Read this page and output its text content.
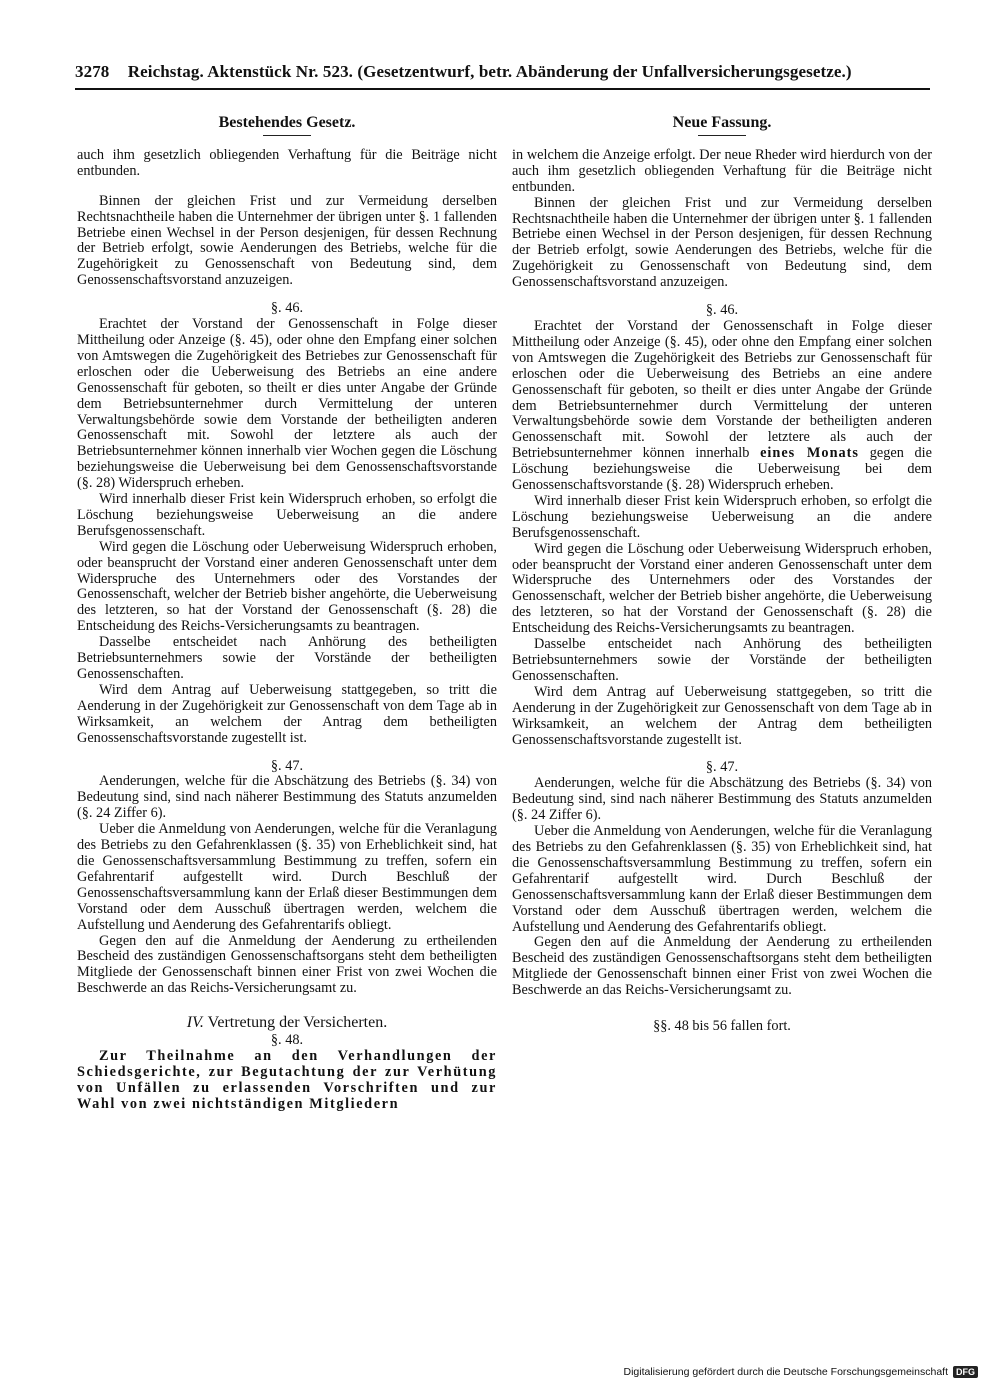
3278 Reichstag. Aktenstück Nr. 523. (Gesetzentwurf, betr. Abänderung der Unfallversicherungsgesetze.)
Bestehendes Gesetz.

auch ihm gesetzlich obliegenden Verhaftung für die Beiträge nicht entbunden.

Binnen der gleichen Frist und zur Vermeidung derselben Rechtsnachtheile haben die Unternehmer der übrigen unter §. 1 fallenden Betriebe einen Wechsel in der Person desjenigen, für dessen Rechnung der Betrieb erfolgt, sowie Aenderungen des Betriebs, welche für die Zugehörigkeit zu Genossenschaft von Bedeutung sind, dem Genossenschaftsvorstand anzuzeigen.

§. 46.

Erachtet der Vorstand der Genossenschaft in Folge dieser Mittheilung oder Anzeige (§. 45), oder ohne den Empfang einer solchen von Amtswegen die Zugehörigkeit des Betriebes zur Genossenschaft für erloschen oder die Ueberweisung des Betriebs an eine andere Genossenschaft für geboten, so theilt er dies unter Angabe der Gründe dem Betriebsunternehmer durch Vermittelung der unteren Verwaltungsbehörde sowie dem Vorstande der betheiligten anderen Genossenschaft mit. Sowohl der letztere als auch der Betriebsunternehmer können innerhalb vier Wochen gegen die Löschung beziehungsweise die Ueberweisung bei dem Genossenschaftsvorstande (§. 28) Widerspruch erheben.

Wird innerhalb dieser Frist kein Widerspruch erhoben, so erfolgt die Löschung beziehungsweise Ueberweisung an die andere Berufsgenossenschaft.

Wird gegen die Löschung oder Ueberweisung Widerspruch erhoben, oder beansprucht der Vorstand einer anderen Genossenschaft unter dem Widerspruche des Unternehmers oder des Vorstandes der Genossenschaft, welcher der Betrieb bisher angehörte, die Ueberweisung des letzteren, so hat der Vorstand der Genossenschaft (§. 28) die Entscheidung des Reichs-Versicherungsamts zu beantragen.

Dasselbe entscheidet nach Anhörung des betheiligten Betriebsunternehmers sowie der Vorstände der betheiligten Genossenschaften.

Wird dem Antrag auf Ueberweisung stattgegeben, so tritt die Aenderung in der Zugehörigkeit zur Genossenschaft von dem Tage ab in Wirksamkeit, an welchem der Antrag dem betheiligten Genossenschaftsvorstande zugestellt ist.

§. 47.

Aenderungen, welche für die Abschätzung des Betriebs (§. 34) von Bedeutung sind, sind nach näherer Bestimmung des Statuts anzumelden (§. 24 Ziffer 6).

Ueber die Anmeldung von Aenderungen, welche für die Veranlagung des Betriebs zu den Gefahrenklassen (§. 35) von Erheblichkeit sind, hat die Genossenschaftsversammlung Bestimmung zu treffen, sofern ein Gefahrentarif aufgestellt wird. Durch Beschluß der Genossenschaftsversammlung kann der Erlaß dieser Bestimmungen dem Vorstand oder dem Ausschuß übertragen werden, welchem die Aufstellung und Aenderung des Gefahrentarifs obliegt.

Gegen den auf die Anmeldung der Aenderung zu ertheilenden Bescheid des zuständigen Genossenschaftsorgans steht dem betheiligten Mitgliede der Genossenschaft binnen einer Frist von zwei Wochen die Beschwerde an das Reichs-Versicherungsamt zu.

IV. Vertretung der Versicherten.

§. 48.

Zur Theilnahme an den Verhandlungen der Schiedsgerichte, zur Begutachtung der zur Verhütung von Unfällen zu erlassenden Vorschriften und zur Wahl von zwei nichtständigen Mitgliedern

Neue Fassung.

in welchem die Anzeige erfolgt. Der neue Rheder wird hierdurch von der auch ihm gesetzlich obliegenden Verhaftung für die Beiträge nicht entbunden.

Binnen der gleichen Frist und zur Vermeidung derselben Rechtsnachtheile haben die Unternehmer der übrigen unter §. 1 fallenden Betriebe einen Wechsel in der Person desjenigen, für dessen Rechnung der Betrieb erfolgt, sowie Aenderungen des Betriebs, welche für die Zugehörigkeit zu Genossenschaft von Bedeutung sind, dem Genossenschaftsvorstand anzuzeigen.

§. 46.

Erachtet der Vorstand der Genossenschaft in Folge dieser Mittheilung oder Anzeige (§. 45), oder ohne den Empfang einer solchen von Amtswegen die Zugehörigkeit des Betriebs zur Genossenschaft für erloschen oder die Ueberweisung des Betriebs an eine andere Genossenschaft für geboten, so theilt er dies unter Angabe der Gründe dem Betriebsunternehmer durch Vermittelung der unteren Verwaltungsbehörde sowie dem Vorstande der betheiligten anderen Genossenschaft mit. Sowohl der letztere als auch der Betriebsunternehmer können innerhalb eines Monats gegen die Löschung beziehungsweise die Ueberweisung bei dem Genossenschaftsvorstande (§. 28) Widerspruch erheben.

Wird innerhalb dieser Frist kein Widerspruch erhoben, so erfolgt die Löschung beziehungsweise Ueberweisung an die andere Berufsgenossenschaft.

Wird gegen die Löschung oder Ueberweisung Widerspruch erhoben, oder beansprucht der Vorstand einer anderen Genossenschaft unter dem Widerspruche des Unternehmers oder des Vorstandes der Genossenschaft, welcher der Betrieb bisher angehörte, die Ueberweisung des letzteren, so hat der Vorstand der Genossenschaft (§. 28) die Entscheidung des Reichs-Versicherungsamts zu beantragen.

Dasselbe entscheidet nach Anhörung des betheiligten Betriebsunternehmers sowie der Vorstände der betheiligten Genossenschaften.

Wird dem Antrag auf Ueberweisung stattgegeben, so tritt die Aenderung in der Zugehörigkeit zur Genossenschaft von dem Tage ab in Wirksamkeit, an welchem der Antrag dem betheiligten Genossenschaftsvorstande zugestellt ist.

§. 47.

Aenderungen, welche für die Abschätzung des Betriebs (§. 34) von Bedeutung sind, sind nach näherer Bestimmung des Statuts anzumelden (§. 24 Ziffer 6).

Ueber die Anmeldung von Aenderungen, welche für die Veranlagung des Betriebs zu den Gefahrenklassen (§. 35) von Erheblichkeit sind, hat die Genossenschaftsversammlung Bestimmung zu treffen, sofern ein Gefahrentarif aufgestellt wird. Durch Beschluß der Genossenschaftsversammlung kann der Erlaß dieser Bestimmungen dem Vorstand oder dem Ausschuß übertragen werden, welchem die Aufstellung und Aenderung des Gefahrentarifs obliegt.

Gegen den auf die Anmeldung der Aenderung zu ertheilenden Bescheid des zuständigen Genossenschaftsorgans steht dem betheiligten Mitgliede der Genossenschaft binnen einer Frist von zwei Wochen die Beschwerde an das Reichs-Versicherungsamt zu.

§§. 48 bis 56 fallen fort.

Digitalisierung gefördert durch die Deutsche Forschungsgemeinschaft DFG
